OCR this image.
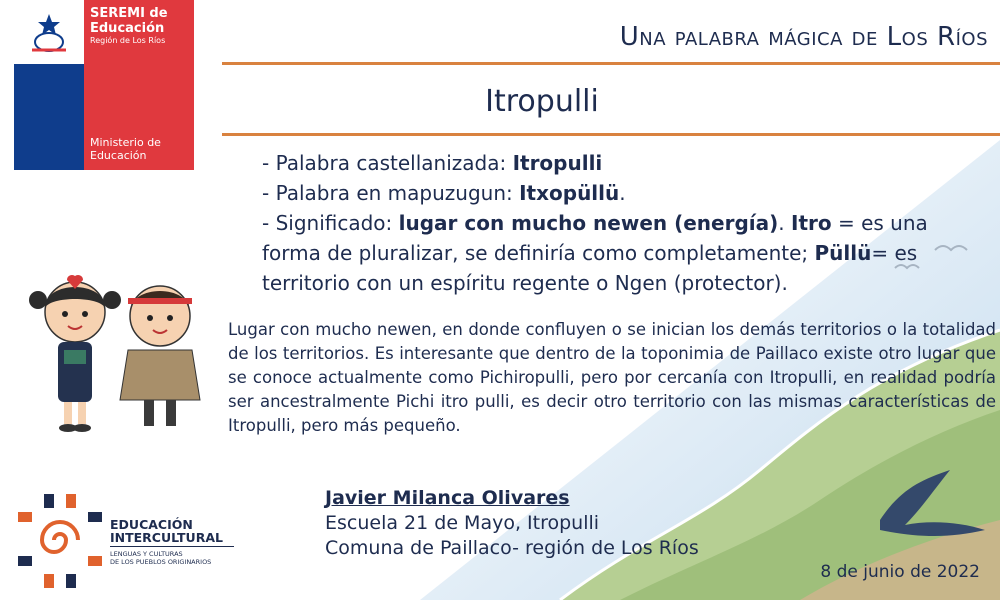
SEREMI de
Educación
Región de Los Ríos
Ministerio de Educación
Una palabra mágica de Los Ríos
Itropulli
- Palabra castellanizada: Itropulli
- Palabra en mapuzugun: Itxopüllü.
- Significado: lugar con mucho newen (energía). Itro = es una forma de pluralizar, se definiría como completamente; Püllü= es territorio con un espíritu regente o Ngen (protector).
Lugar con mucho newen, en donde confluyen o se inician los demás territorios o la totalidad de los territorios. Es interesante que dentro de la toponimia de Paillaco existe otro lugar que se conoce actualmente como Pichiropulli, pero por cercanía con Itropulli, en realidad podría ser ancestralmente Pichi itro pulli, es decir otro territorio con las mismas características de Itropulli, pero más pequeño.
Javier Milanca Olivares
Escuela 21 de Mayo, Itropulli
Comuna de Paillaco- región de Los Ríos
8 de junio de 2022
EDUCACIÓN
INTERCULTURAL
LENGUAS Y CULTURAS
DE LOS PUEBLOS ORIGINARIOS
